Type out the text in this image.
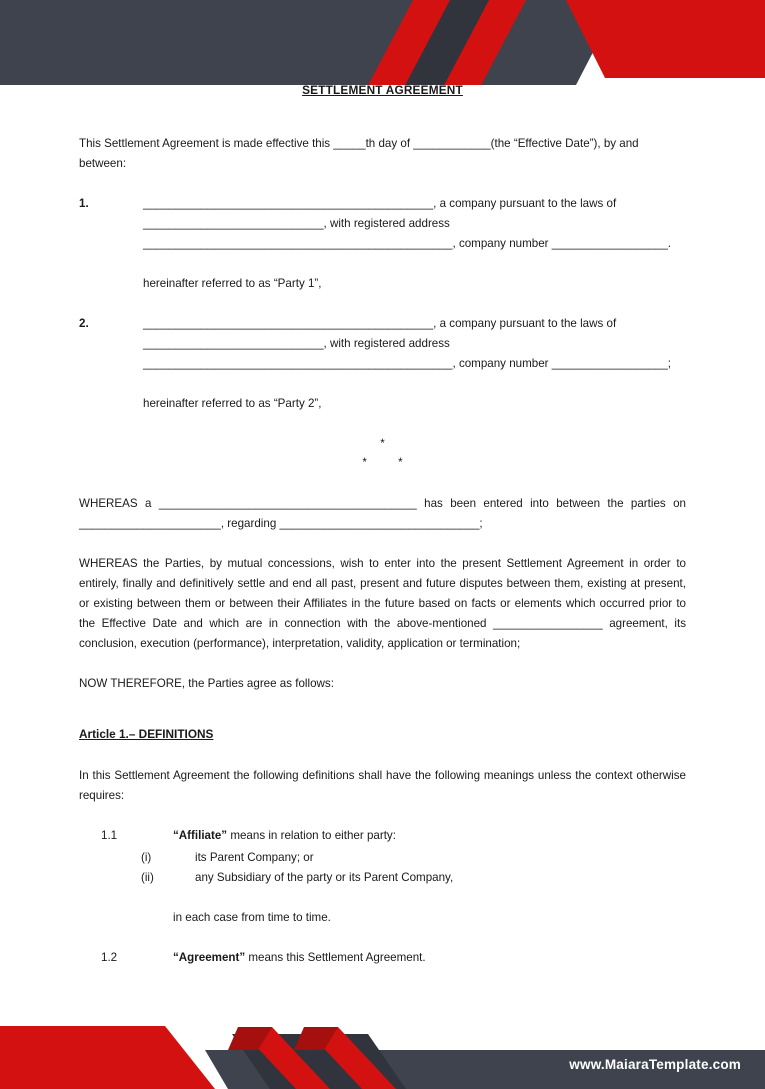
SETTLEMENT AGREEMENT

This Settlement Agreement is made effective this _____th day of ____________(the “Effective Date”), by and between:

1.	_____________________________________________, a company pursuant to the laws of ____________________________, with registered address ________________________________________________, company number __________________.

hereinafter referred to as “Party 1”,

2.	_____________________________________________, a company pursuant to the laws of ____________________________, with registered address ________________________________________________, company number __________________;

hereinafter referred to as “Party 2”,

*
* *

WHEREAS a ________________________________________ has been entered into between the parties on ______________________, regarding _______________________________;

WHEREAS the Parties, by mutual concessions, wish to enter into the present Settlement Agreement in order to entirely, finally and definitively settle and end all past, present and future disputes between them, existing at present, or existing between them or between their Affiliates in the future based on facts or elements which occurred prior to the Effective Date and which are in connection with the above-mentioned _________________ agreement, its conclusion, execution (performance), interpretation, validity, application or termination;

NOW THEREFORE, the Parties agree as follows:

Article 1.– DEFINITIONS

In this Settlement Agreement the following definitions shall have the following meanings unless the context otherwise requires:

1.1	“Affiliate” means in relation to either party:
(i)	its Parent Company; or
(ii)	any Subsidiary of the party or its Parent Company,

in each case from time to time.

1.2	“Agreement” means this Settlement Agreement.
www.MaiaraTemplate.com
